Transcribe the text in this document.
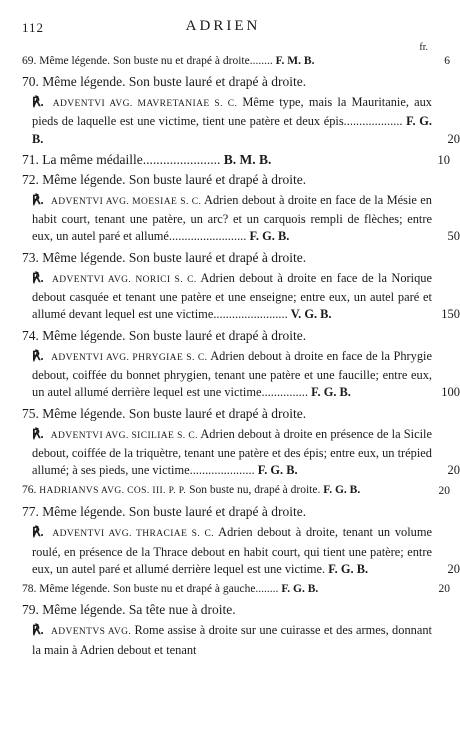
112	ADRIEN
fr.
69. Même légende. Son buste nu et drapé à droite........ F. M. B.	6
70. Même légende. Son buste lauré et drapé à droite.
℟. ADVENTVI AVG. MAVRETANIAE S. C. Même type, mais la Mauritanie, aux pieds de laquelle est une victime, tient une patère et deux épis................... F. G. B.	20
71. La même médaille....................... B. M. B.	10
72. Même légende. Son buste lauré et drapé à droite.
℟. ADVENTVI AVG. MOESIAE S. C. Adrien debout à droite en face de la Mésie en habit court, tenant une patère, un arc? et un carquois rempli de flèches; entre eux, un autel paré et allumé......................... F. G. B.	50
73. Même légende. Son buste lauré et drapé à droite.
℟. ADVENTVI AVG. NORICI S. C. Adrien debout à droite en face de la Norique debout casquée et tenant une patère et une enseigne; entre eux, un autel paré et allumé devant lequel est une victime........................ V. G. B.	150
74. Même légende. Son buste lauré et drapé à droite.
℟. ADVENTVI AVG. PHRYGIAE S. C. Adrien debout à droite en face de la Phrygie debout, coiffée du bonnet phrygien, tenant une patère et une faucille; entre eux, un autel allumé derrière lequel est une victime............... F. G. B.	100
75. Même légende. Son buste lauré et drapé à droite.
℟. ADVENTVI AVG. SICILIAE S. C. Adrien debout à droite en présence de la Sicile debout, coiffée de la triquètre, tenant une patère et des épis; entre eux, un trépied allumé; à ses pieds, une victime..................... F. G. B.	20
76. HADRIANVS AVG. COS. III. P. P. Son buste nu, drapé à droite. F. G. B.	20
77. Même légende. Son buste lauré et drapé à droite.
℟. ADVENTVI AVG. THRACIAE S. C. Adrien debout à droite, tenant un volume roulé, en présence de la Thrace debout en habit court, qui tient une patère; entre eux, un autel paré et allumé derrière lequel est une victime. F. G. B.	20
78. Même légende. Son buste nu et drapé à gauche........ F. G. B.	20
79. Même légende. Sa tête nue à droite.
℟. ADVENTVS AVG. Rome assise à droite sur une cuirasse et des armes, donnant la main à Adrien debout et tenant
